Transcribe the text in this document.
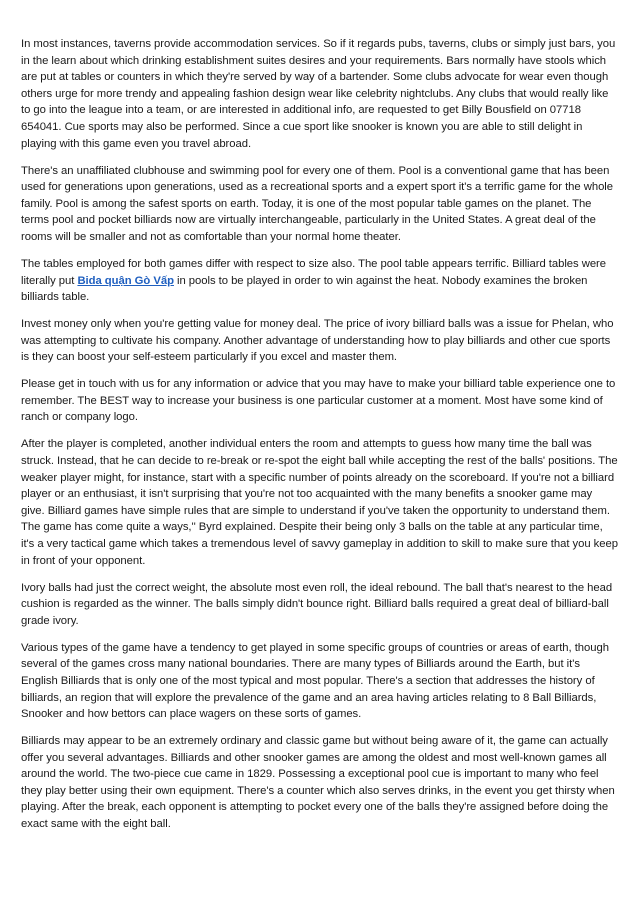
In most instances, taverns provide accommodation services. So if it regards pubs, taverns, clubs or simply just bars, you in the learn about which drinking establishment suites desires and your requirements. Bars normally have stools which are put at tables or counters in which they're served by way of a bartender. Some clubs advocate for wear even though others urge for more trendy and appealing fashion design wear like celebrity nightclubs. Any clubs that would really like to go into the league into a team, or are interested in additional info, are requested to get Billy Bousfield on 07718 654041. Cue sports may also be performed. Since a cue sport like snooker is known you are able to still delight in playing with this game even you travel abroad.

There's an unaffiliated clubhouse and swimming pool for every one of them. Pool is a conventional game that has been used for generations upon generations, used as a recreational sports and a expert sport it's a terrific game for the whole family. Pool is among the safest sports on earth. Today, it is one of the most popular table games on the planet. The terms pool and pocket billiards now are virtually interchangeable, particularly in the United States. A great deal of the rooms will be smaller and not as comfortable than your normal home theater.

The tables employed for both games differ with respect to size also. The pool table appears terrific. Billiard tables were literally put Bida quận Gò Vấp in pools to be played in order to win against the heat. Nobody examines the broken billiards table.

Invest money only when you're getting value for money deal. The price of ivory billiard balls was a issue for Phelan, who was attempting to cultivate his company. Another advantage of understanding how to play billiards and other cue sports is they can boost your self-esteem particularly if you excel and master them.

Please get in touch with us for any information or advice that you may have to make your billiard table experience one to remember. The BEST way to increase your business is one particular customer at a moment. Most have some kind of ranch or company logo.

After the player is completed, another individual enters the room and attempts to guess how many time the ball was struck. Instead, that he can decide to re-break or re-spot the eight ball while accepting the rest of the balls' positions. The weaker player might, for instance, start with a specific number of points already on the scoreboard. If you're not a billiard player or an enthusiast, it isn't surprising that you're not too acquainted with the many benefits a snooker game may give. Billiard games have simple rules that are simple to understand if you've taken the opportunity to understand them. The game has come quite a ways,'' Byrd explained. Despite their being only 3 balls on the table at any particular time, it's a very tactical game which takes a tremendous level of savvy gameplay in addition to skill to make sure that you keep in front of your opponent.

Ivory balls had just the correct weight, the absolute most even roll, the ideal rebound. The ball that's nearest to the head cushion is regarded as the winner. The balls simply didn't bounce right. Billiard balls required a great deal of billiard-ball grade ivory.

Various types of the game have a tendency to get played in some specific groups of countries or areas of earth, though several of the games cross many national boundaries. There are many types of Billiards around the Earth, but it's English Billiards that is only one of the most typical and most popular. There's a section that addresses the history of billiards, an region that will explore the prevalence of the game and an area having articles relating to 8 Ball Billiards, Snooker and how bettors can place wagers on these sorts of games.

Billiards may appear to be an extremely ordinary and classic game but without being aware of it, the game can actually offer you several advantages. Billiards and other snooker games are among the oldest and most well-known games all around the world. The two-piece cue came in 1829. Possessing a exceptional pool cue is important to many who feel they play better using their own equipment. There's a counter which also serves drinks, in the event you get thirsty when playing. After the break, each opponent is attempting to pocket every one of the balls they're assigned before doing the exact same with the eight ball.
